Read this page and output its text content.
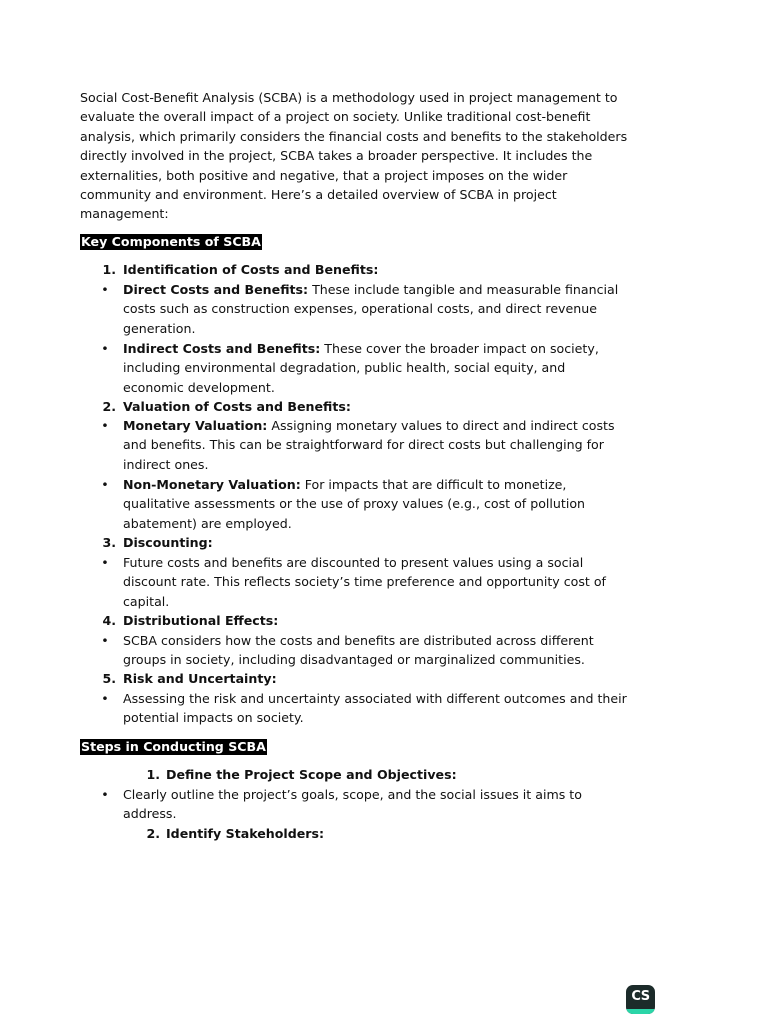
Social Cost-Benefit Analysis (SCBA) is a methodology used in project management to evaluate the overall impact of a project on society. Unlike traditional cost-benefit analysis, which primarily considers the financial costs and benefits to the stakeholders directly involved in the project, SCBA takes a broader perspective. It includes the externalities, both positive and negative, that a project imposes on the wider community and environment. Here’s a detailed overview of SCBA in project management:

Key Components of SCBA
1. Identification of Costs and Benefits:
• Direct Costs and Benefits: These include tangible and measurable financial costs such as construction expenses, operational costs, and direct revenue generation.
• Indirect Costs and Benefits: These cover the broader impact on society, including environmental degradation, public health, social equity, and economic development.
2. Valuation of Costs and Benefits:
• Monetary Valuation: Assigning monetary values to direct and indirect costs and benefits. This can be straightforward for direct costs but challenging for indirect ones.
• Non-Monetary Valuation: For impacts that are difficult to monetize, qualitative assessments or the use of proxy values (e.g., cost of pollution abatement) are employed.
3. Discounting:
• Future costs and benefits are discounted to present values using a social discount rate. This reflects society’s time preference and opportunity cost of capital.
4. Distributional Effects:
• SCBA considers how the costs and benefits are distributed across different groups in society, including disadvantaged or marginalized communities.
5. Risk and Uncertainty:
• Assessing the risk and uncertainty associated with different outcomes and their potential impacts on society.
Steps in Conducting SCBA
1. Define the Project Scope and Objectives:
• Clearly outline the project’s goals, scope, and the social issues it aims to address.
2. Identify Stakeholders:
CS
